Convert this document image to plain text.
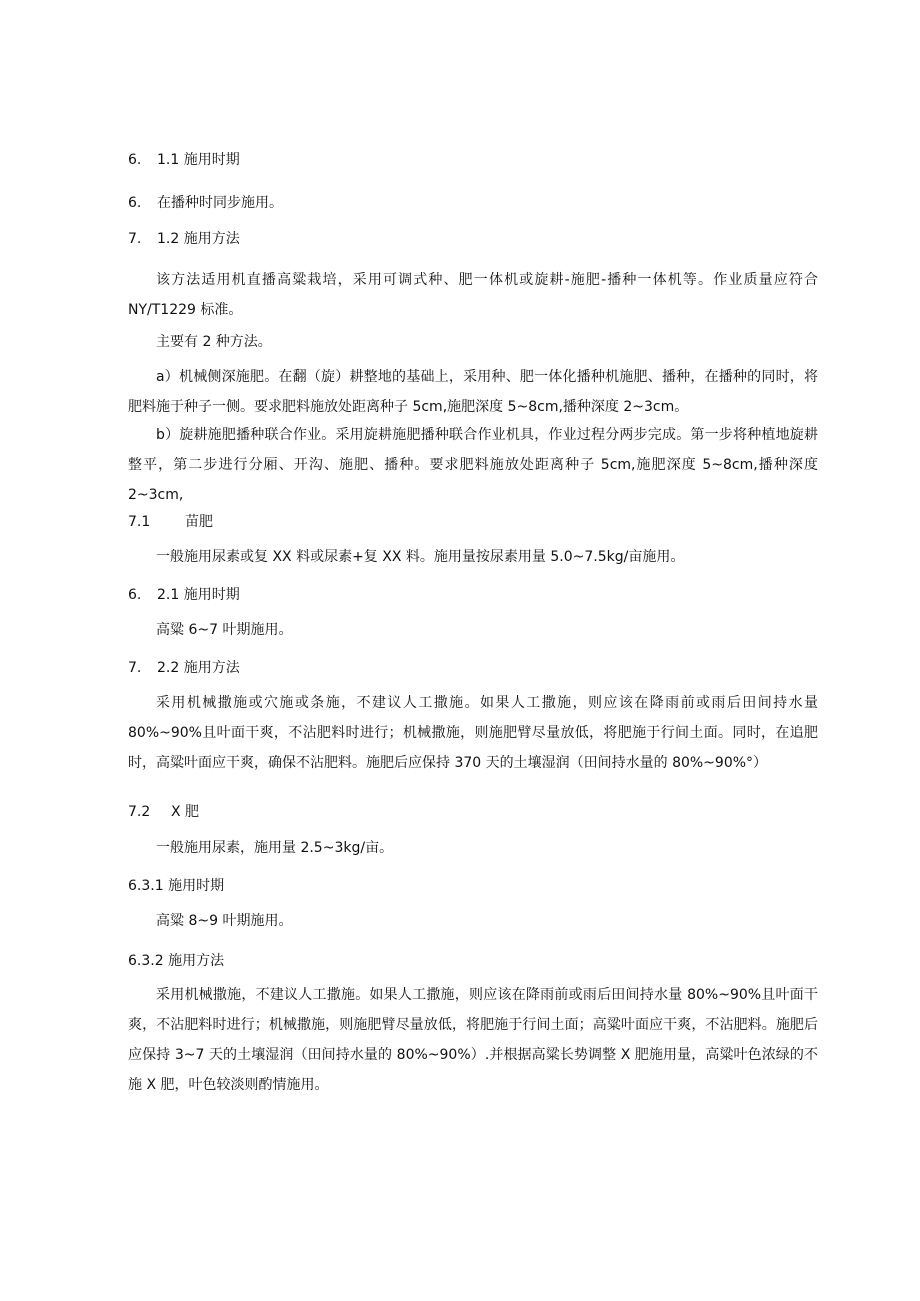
6. 1.1 施用时期
6. 在播种时同步施用。
7. 1.2 施用方法

该方法适用机直播高粱栽培，采用可调式种、肥一体机或旋耕-施肥-播种一体机等。作业质量应符合 NY/T1229 标准。

主要有 2 种方法。

a）机械侧深施肥。在翻（旋）耕整地的基础上，采用种、肥一体化播种机施肥、播种，在播种的同时，将肥料施于种子一侧。要求肥料施放处距离种子 5cm,施肥深度 5~8cm,播种深度 2~3cm。

b）旋耕施肥播种联合作业。采用旋耕施肥播种联合作业机具，作业过程分两步完成。第一步将种植地旋耕整平，第二步进行分厢、开沟、施肥、播种。要求肥料施放处距离种子 5cm,施肥深度 5~8cm,播种深度 2~3cm,

7.1 苗肥

一般施用尿素或复 XX 料或尿素+复 XX 料。施用量按尿素用量 5.0~7.5kg/亩施用。

6. 2.1 施用时期

高粱 6~7 叶期施用。

7. 2.2 施用方法

采用机械撒施或穴施或条施，不建议人工撒施。如果人工撒施，则应该在降雨前或雨后田间持水量 80%~90%且叶面干爽，不沾肥料时进行；机械撒施，则施肥臂尽量放低，将肥施于行间土面。同时，在追肥时，高粱叶面应干爽，确保不沾肥料。施肥后应保持 370 天的土壤湿润（田间持水量的 80%~90%°）

7.2 X 肥

一般施用尿素，施用量 2.5~3kg/亩。

6.3.1 施用时期

高粱 8~9 叶期施用。

6.3.2 施用方法

采用机械撒施，不建议人工撒施。如果人工撒施，则应该在降雨前或雨后田间持水量 80%~90%且叶面干爽，不沾肥料时进行；机械撒施，则施肥臂尽量放低，将肥施于行间土面；高粱叶面应干爽，不沾肥料。施肥后应保持 3~7 天的土壤湿润（田间持水量的 80%~90%）.并根据高粱长势调整 X 肥施用量，高粱叶色浓绿的不施 X 肥，叶色较淡则酌情施用。
